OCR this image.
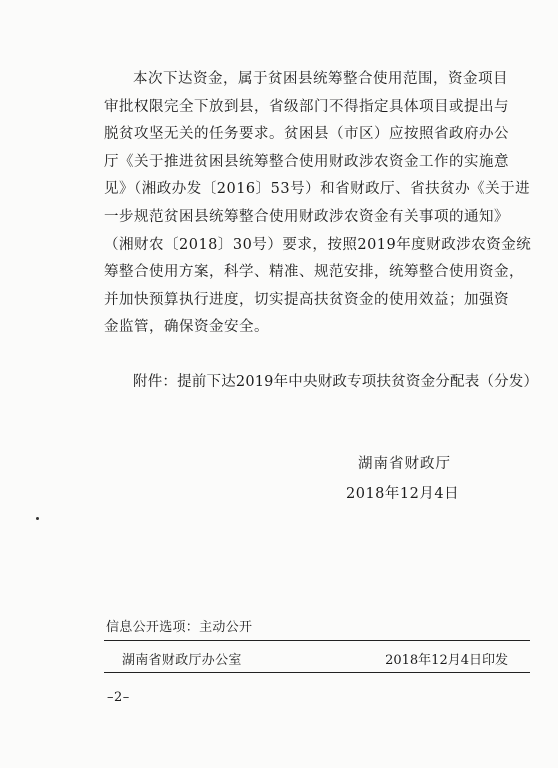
本次下达资金，属于贫困县统筹整合使用范围，资金项目
审批权限完全下放到县，省级部门不得指定具体项目或提出与
脱贫攻坚无关的任务要求。贫困县（市区）应按照省政府办公
厅《关于推进贫困县统筹整合使用财政涉农资金工作的实施意
见》（湘政办发〔2016〕53号）和省财政厅、省扶贫办《关于进
一步规范贫困县统筹整合使用财政涉农资金有关事项的通知》
（湘财农〔2018〕30号）要求，按照2019年度财政涉农资金统
筹整合使用方案，科学、精准、规范安排，统筹整合使用资金，
并加快预算执行进度，切实提高扶贫资金的使用效益；加强资
金监管，确保资金安全。
附件：提前下达2019年中央财政专项扶贫资金分配表（分发）
湖南省财政厅
2018年12月4日
信息公开选项：主动公开
湖南省财政厅办公室	2018年12月4日印发
–2–
